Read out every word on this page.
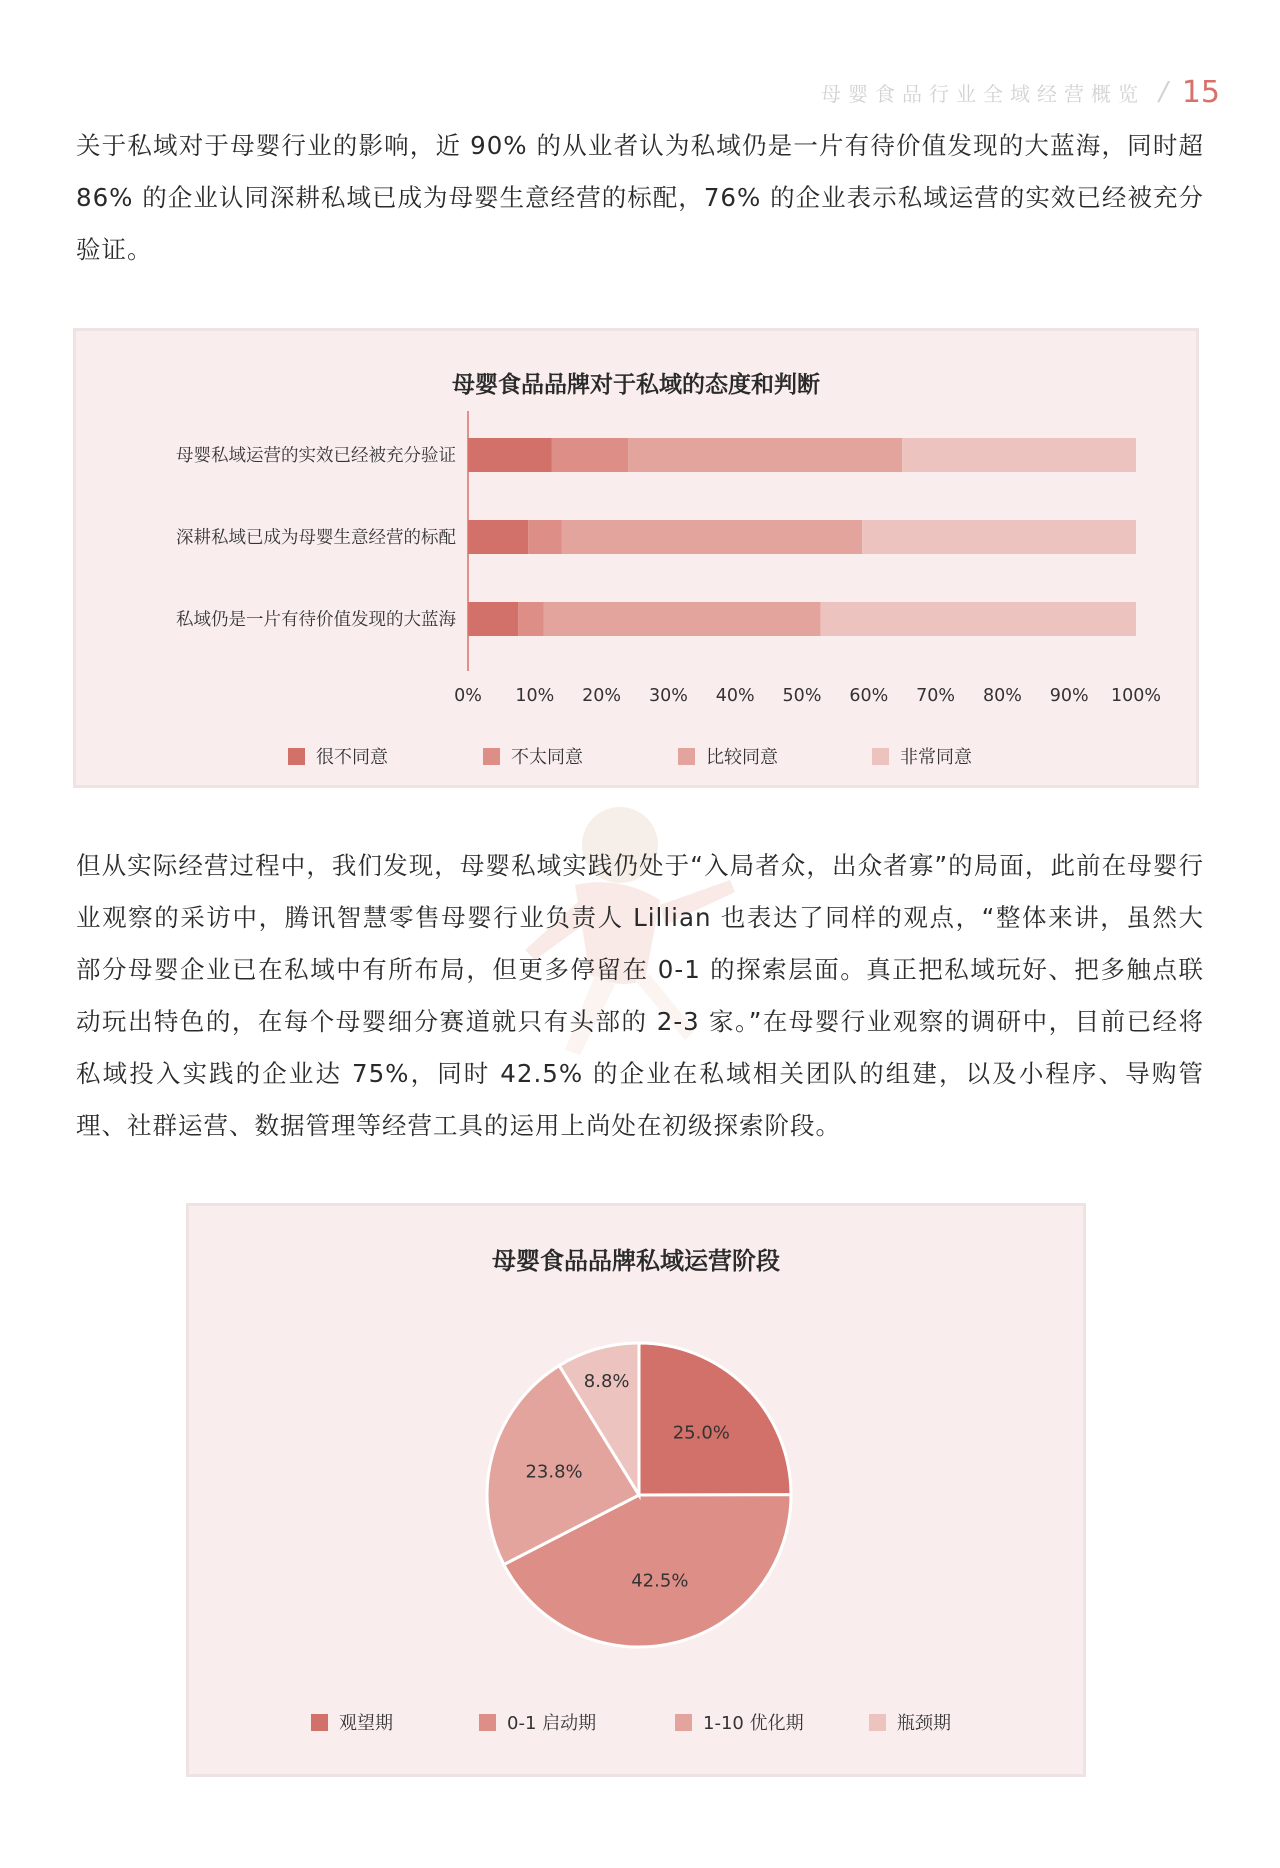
母婴食品行业全域经营概览 / 15
关于私域对于母婴行业的影响，近 90% 的从业者认为私域仍是一片有待价值发现的大蓝海，同时超 86% 的企业认同深耕私域已成为母婴生意经营的标配，76% 的企业表示私域运营的实效已经被充分验证。
母婴食品品牌对于私域的态度和判断
母婴私域运营的实效已经被充分验证
深耕私域已成为母婴生意经营的标配
私域仍是一片有待价值发现的大蓝海
0% 10% 20% 30% 40% 50% 60% 70% 80% 90% 100%
很不同意	不太同意	比较同意	非常同意
但从实际经营过程中，我们发现，母婴私域实践仍处于“入局者众，出众者寡”的局面，此前在母婴行业观察的采访中，腾讯智慧零售母婴行业负责人 Lillian 也表达了同样的观点，“整体来讲，虽然大部分母婴企业已在私域中有所布局，但更多停留在 0-1 的探索层面。真正把私域玩好、把多触点联动玩出特色的，在每个母婴细分赛道就只有头部的 2-3 家。”在母婴行业观察的调研中，目前已经将私域投入实践的企业达 75%，同时 42.5% 的企业在私域相关团队的组建，以及小程序、导购管理、社群运营、数据管理等经营工具的运用上尚处在初级探索阶段。
母婴食品品牌私域运营阶段
25.0%
42.5%
23.8%
8.8%
观望期	0-1 启动期	1-10 优化期	瓶颈期
